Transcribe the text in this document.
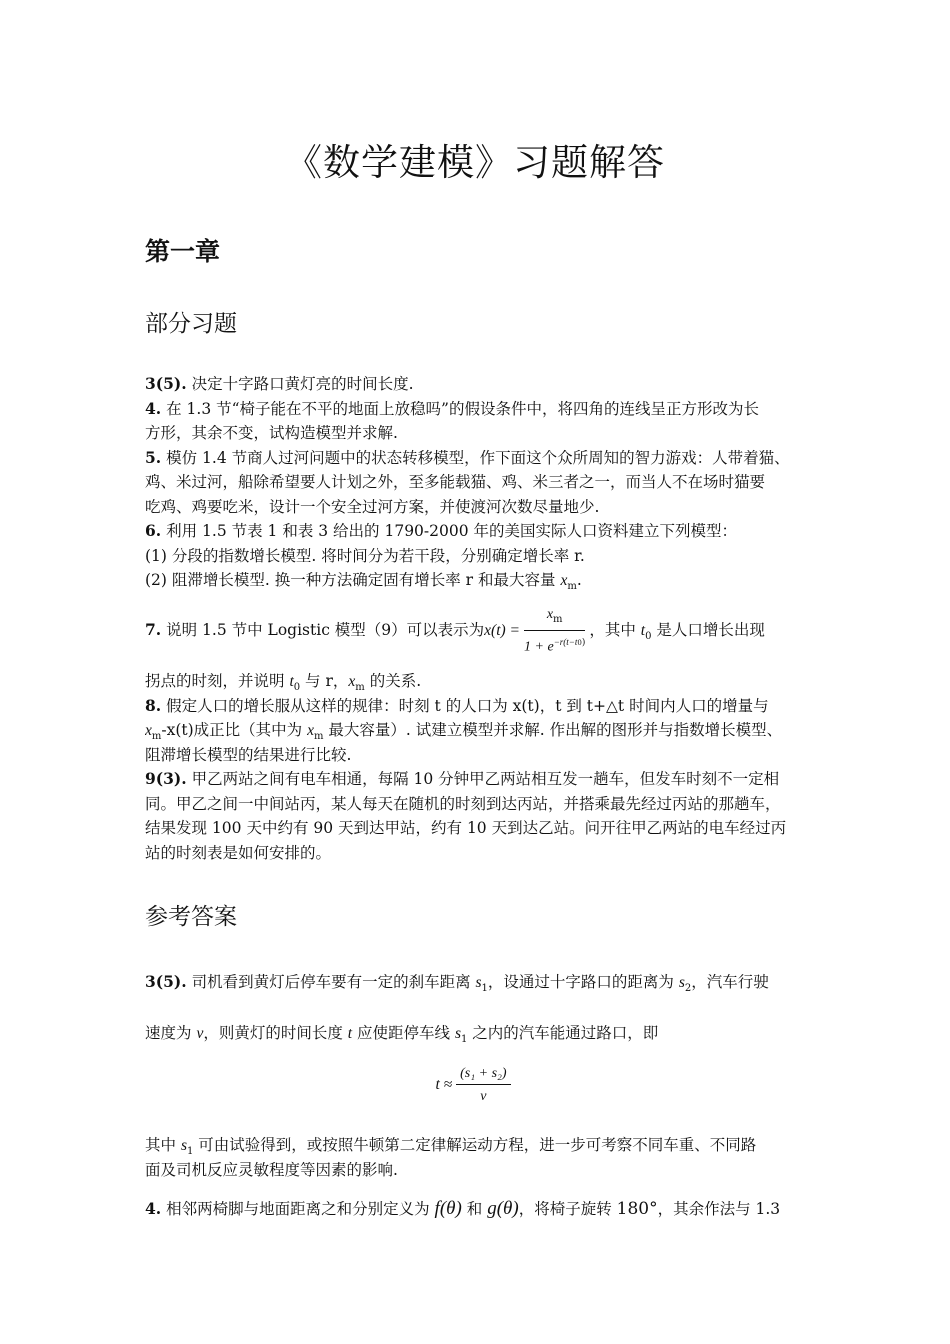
《数学建模》习题解答
第一章
部分习题
3(5). 决定十字路口黄灯亮的时间长度.
4. 在 1.3 节“椅子能在不平的地面上放稳吗”的假设条件中，将四角的连线呈正方形改为长
方形，其余不变，试构造模型并求解.
5. 模仿 1.4 节商人过河问题中的状态转移模型，作下面这个众所周知的智力游戏：人带着猫、
鸡、米过河，船除希望要人计划之外，至多能载猫、鸡、米三者之一，而当人不在场时猫要
吃鸡、鸡要吃米，设计一个安全过河方案，并使渡河次数尽量地少.
6. 利用 1.5 节表 1 和表 3 给出的 1790-2000 年的美国实际人口资料建立下列模型：
(1) 分段的指数增长模型. 将时间分为若干段，分别确定增长率 r.
(2) 阻滞增长模型. 换一种方法确定固有增长率 r 和最大容量 $x_m$.
7. 说明 1.5 节中 Logistic 模型（9）可以表示为$x(t) = \frac{x_m}{1 + e^{-r(t-t0)}}$ ，其中 $t_0$ 是人口增长出现
拐点的时刻，并说明 $t_0$ 与 r，$x_m$ 的关系.
8. 假定人口的增长服从这样的规律：时刻 t 的人口为 x(t)，t 到 t+△t 时间内人口的增量与
$x_m-x(t)$成正比（其中为 $x_m$ 最大容量）. 试建立模型并求解. 作出解的图形并与指数增长模型、
阻滞增长模型的结果进行比较.
9(3). 甲乙两站之间有电车相通，每隔 10 分钟甲乙两站相互发一趟车，但发车时刻不一定相
同。甲乙之间一中间站丙，某人每天在随机的时刻到达丙站，并搭乘最先经过丙站的那趟车，
结果发现 100 天中约有 90 天到达甲站，约有 10 天到达乙站。问开往甲乙两站的电车经过丙
站的时刻表是如何安排的。
参考答案
3(5). 司机看到黄灯后停车要有一定的刹车距离 $s_1$，设通过十字路口的距离为 $s_2$，汽车行驶
速度为 v，则黄灯的时间长度 t 应使距停车线 $s_1$ 之内的汽车能通过路口，即
$t \approx \frac{\text{(s₁ + s₂)}}{v}$
其中 $s_1$ 可由试验得到，或按照牛顿第二定律解运动方程，进一步可考察不同车重、不同路
面及司机反应灵敏程度等因素的影响.
4. 相邻两椅脚与地面距离之和分别定义为 f(θ) 和 g(θ)，将椅子旋转 180°，其余作法与 1.3
